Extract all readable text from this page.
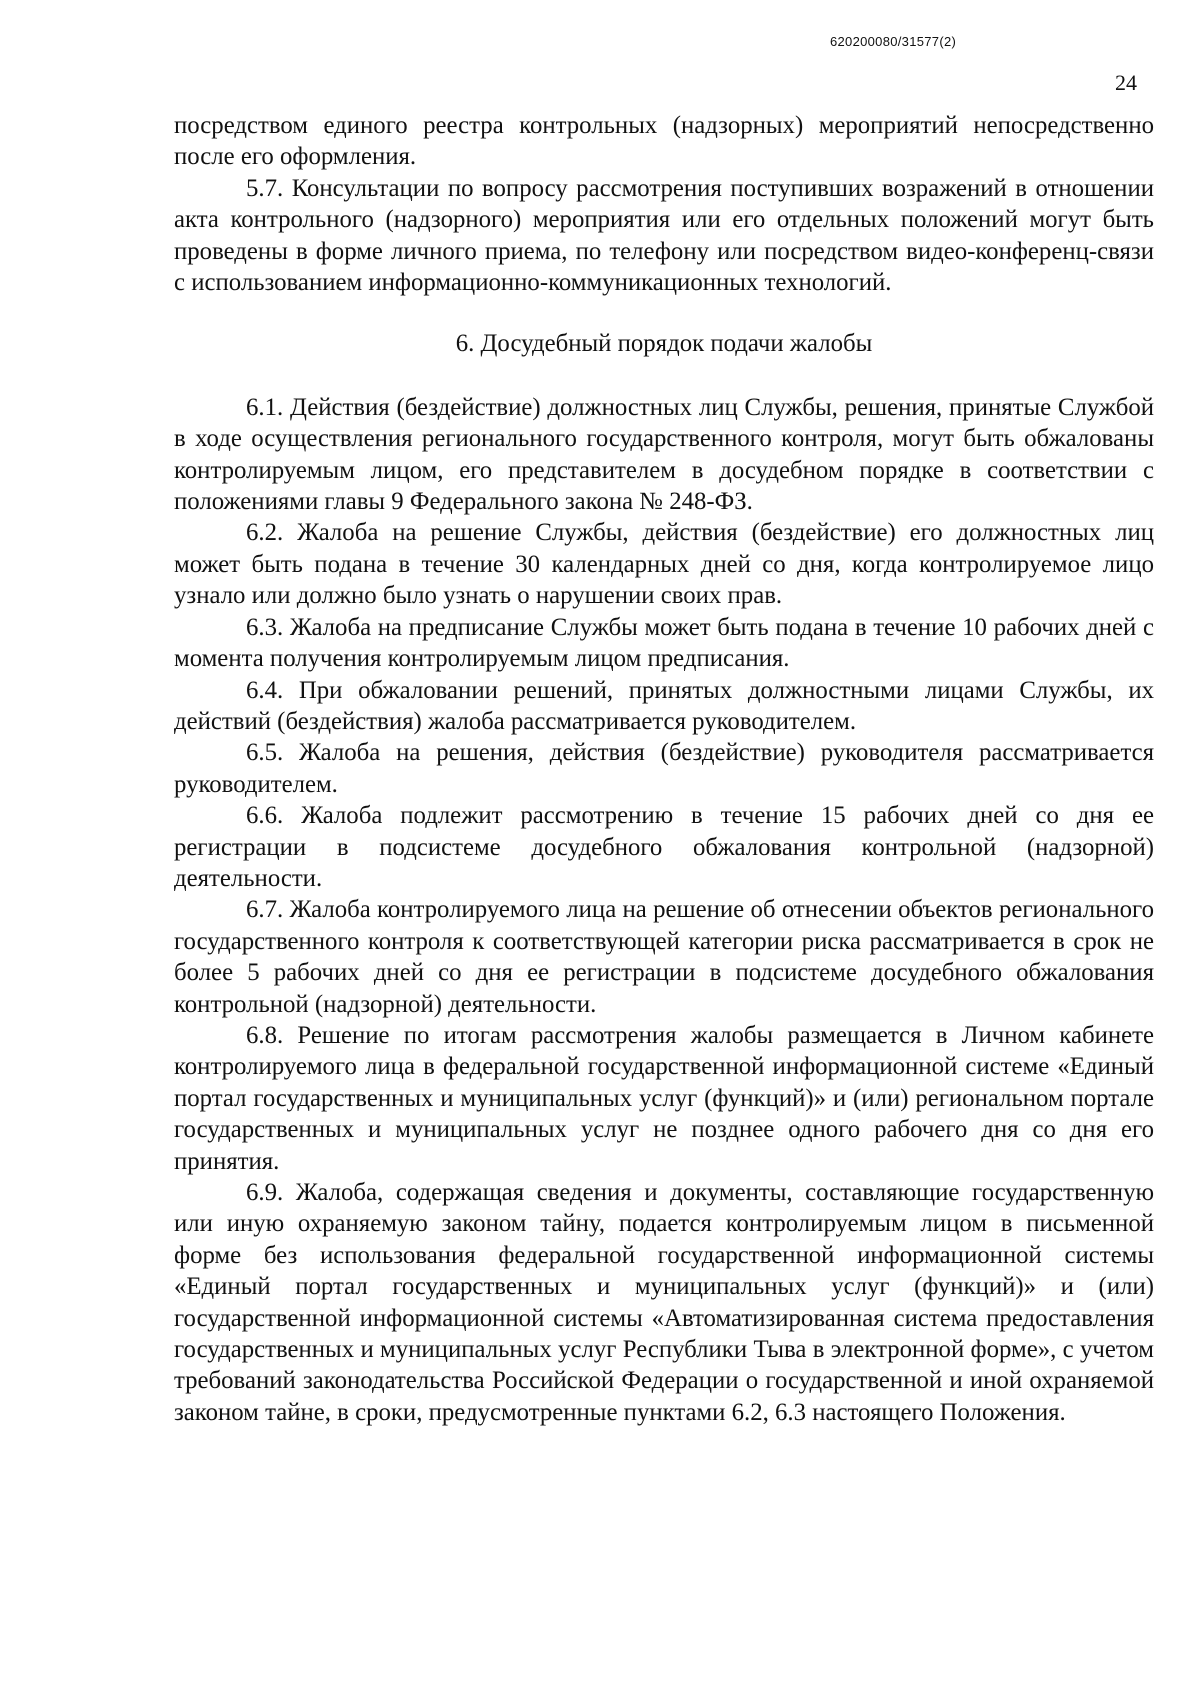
620200080/31577(2)
24

посредством единого реестра контрольных (надзорных) мероприятий непосредственно после его оформления.

5.7. Консультации по вопросу рассмотрения поступивших возражений в отношении акта контрольного (надзорного) мероприятия или его отдельных положений могут быть проведены в форме личного приема, по телефону или посредством видео-конференц-связи с использованием информационно-коммуникационных технологий.

6. Досудебный порядок подачи жалобы

6.1. Действия (бездействие) должностных лиц Службы, решения, принятые Службой в ходе осуществления регионального государственного контроля, могут быть обжалованы контролируемым лицом, его представителем в досудебном порядке в соответствии с положениями главы 9 Федерального закона № 248-ФЗ.

6.2. Жалоба на решение Службы, действия (бездействие) его должностных лиц может быть подана в течение 30 календарных дней со дня, когда контролируемое лицо узнало или должно было узнать о нарушении своих прав.

6.3. Жалоба на предписание Службы может быть подана в течение 10 рабочих дней с момента получения контролируемым лицом предписания.

6.4. При обжаловании решений, принятых должностными лицами Службы, их действий (бездействия) жалоба рассматривается руководителем.

6.5. Жалоба на решения, действия (бездействие) руководителя рассматривается руководителем.

6.6. Жалоба подлежит рассмотрению в течение 15 рабочих дней со дня ее регистрации в подсистеме досудебного обжалования контрольной (надзорной) деятельности.

6.7. Жалоба контролируемого лица на решение об отнесении объектов регионального государственного контроля к соответствующей категории риска рассматривается в срок не более 5 рабочих дней со дня ее регистрации в подсистеме досудебного обжалования контрольной (надзорной) деятельности.

6.8. Решение по итогам рассмотрения жалобы размещается в Личном кабинете контролируемого лица в федеральной государственной информационной системе «Единый портал государственных и муниципальных услуг (функций)» и (или) региональном портале государственных и муниципальных услуг не позднее одного рабочего дня со дня его принятия.

6.9. Жалоба, содержащая сведения и документы, составляющие государственную или иную охраняемую законом тайну, подается контролируемым лицом в письменной форме без использования федеральной государственной информационной системы «Единый портал государственных и муниципальных услуг (функций)» и (или) государственной информационной системы «Автоматизированная система предоставления государственных и муниципальных услуг Республики Тыва в электронной форме», с учетом требований законодательства Российской Федерации о государственной и иной охраняемой законом тайне, в сроки, предусмотренные пунктами 6.2, 6.3 настоящего Положения.
